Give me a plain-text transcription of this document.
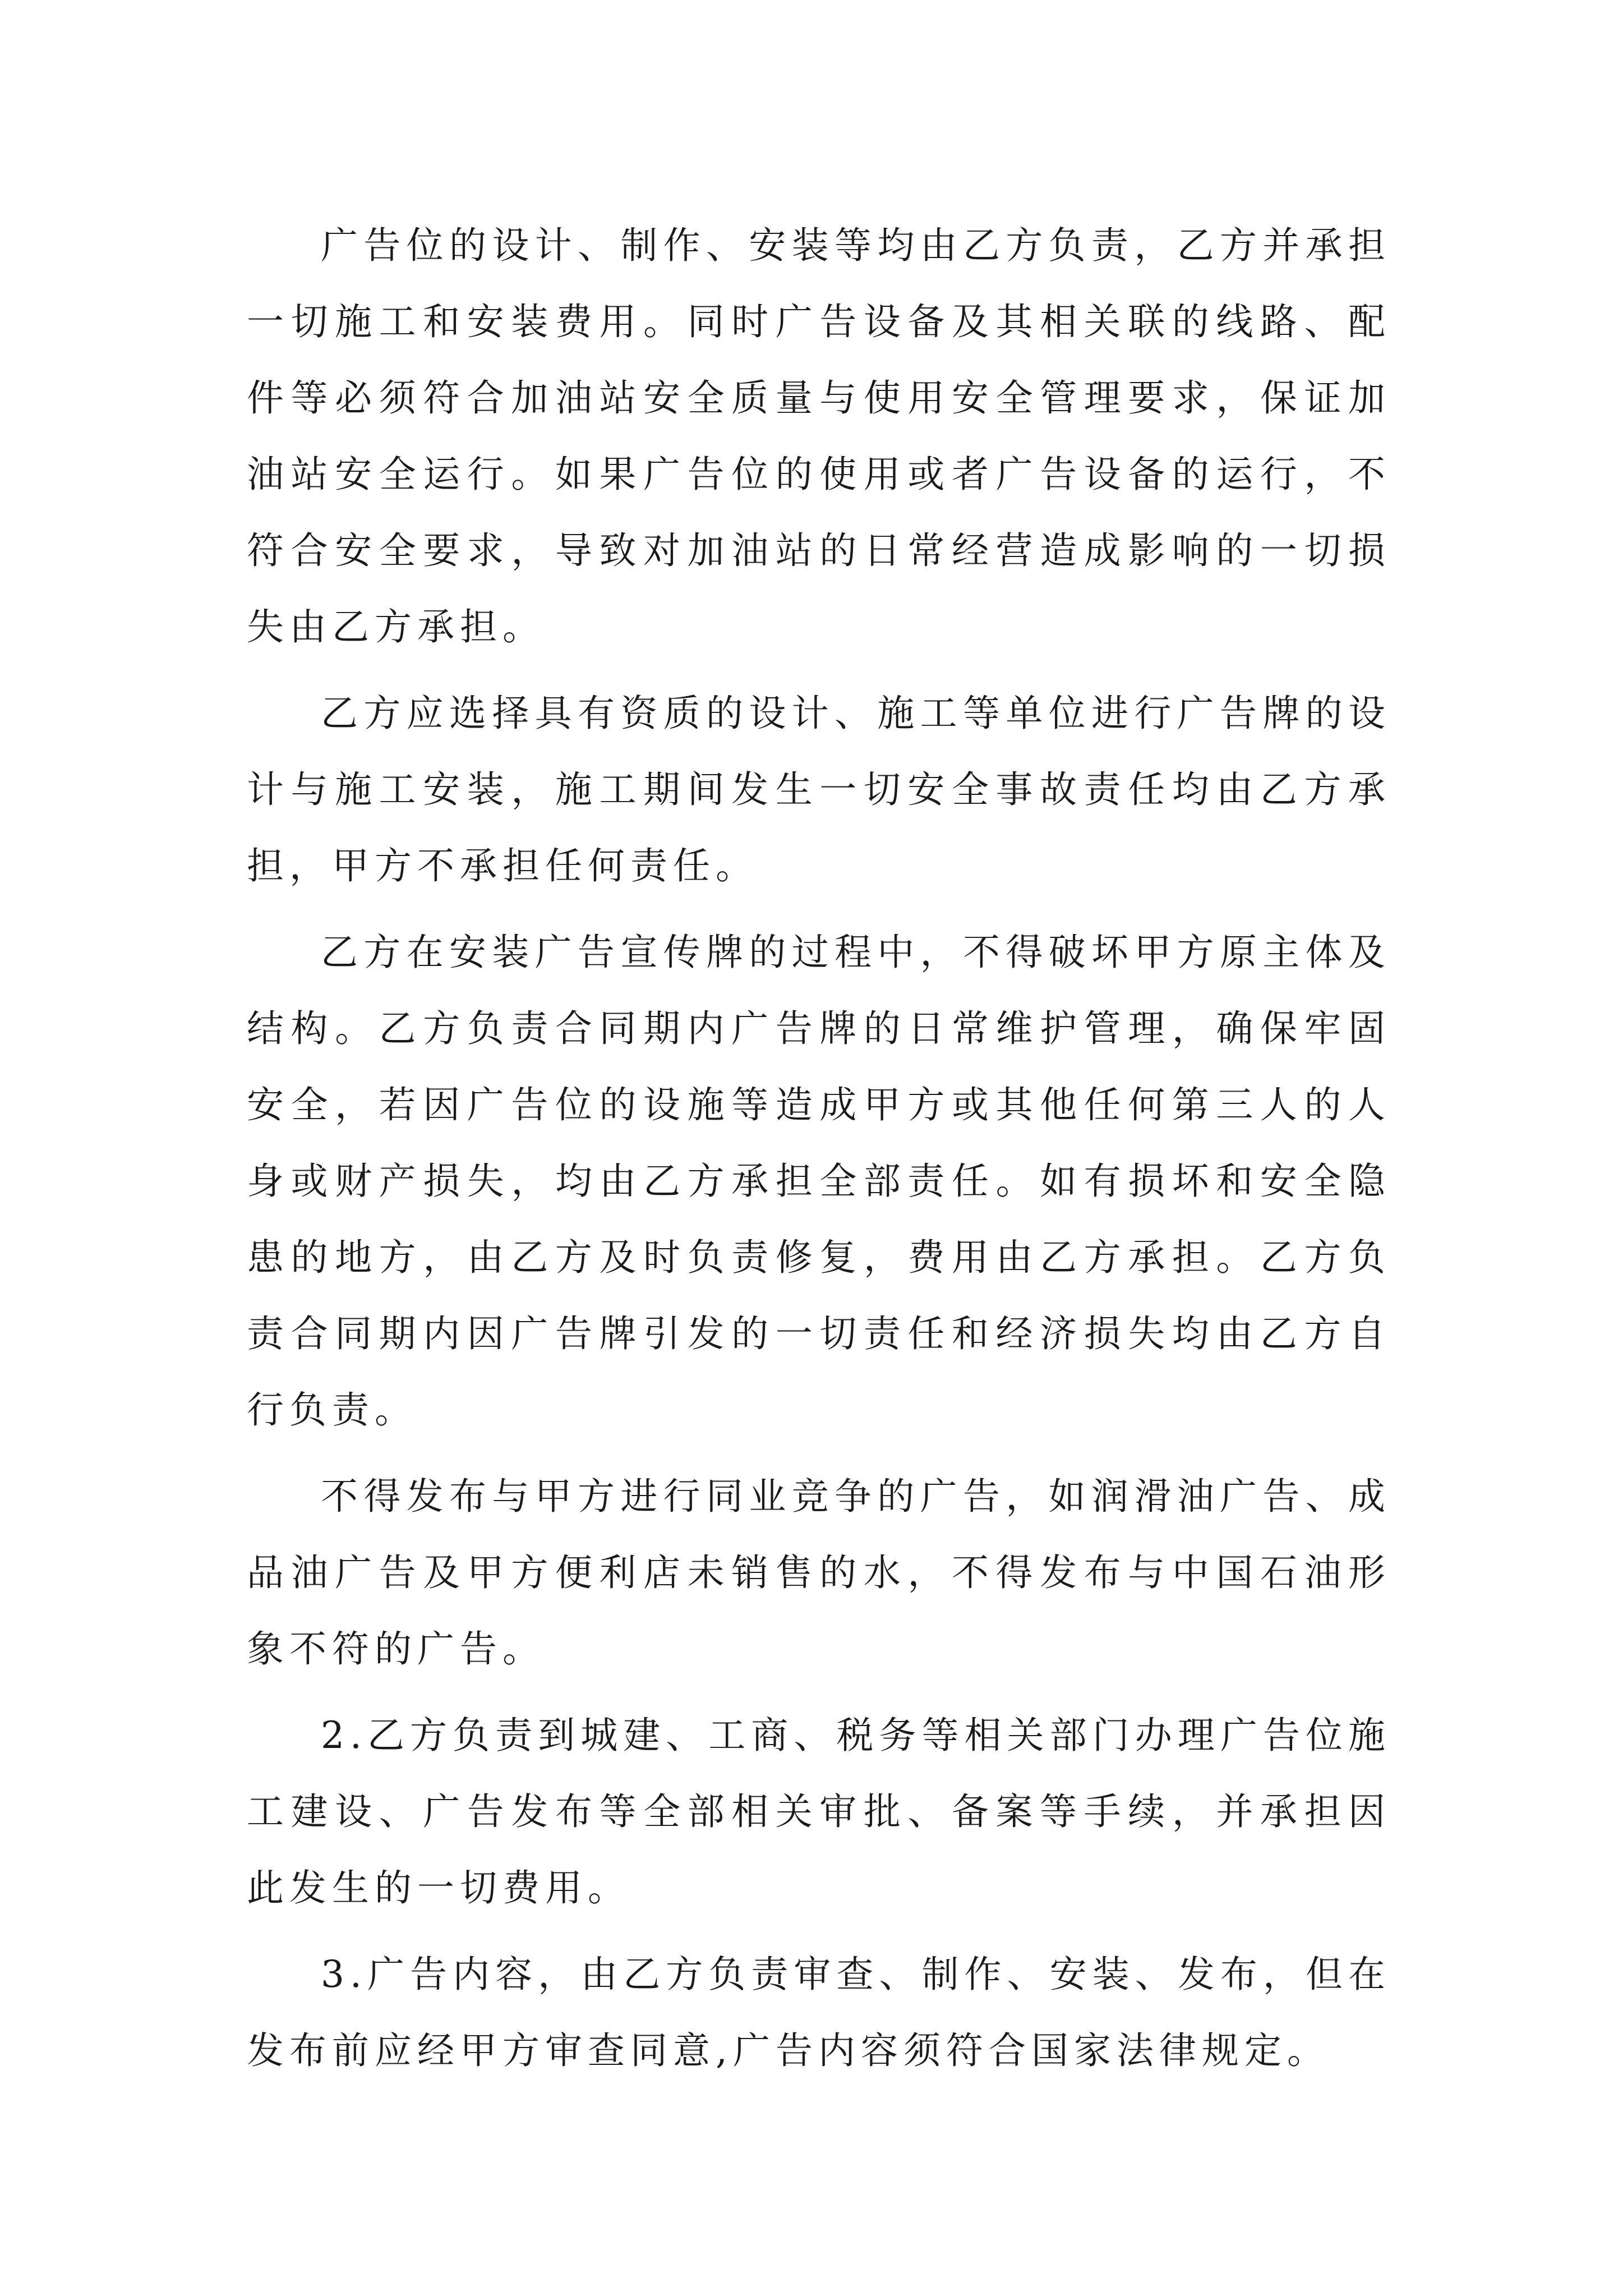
广告位的设计、制作、安装等均由乙方负责，乙方并承担一切施工和安装费用。同时广告设备及其相关联的线路、配件等必须符合加油站安全质量与使用安全管理要求，保证加油站安全运行。如果广告位的使用或者广告设备的运行，不符合安全要求，导致对加油站的日常经营造成影响的一切损失由乙方承担。

乙方应选择具有资质的设计、施工等单位进行广告牌的设计与施工安装，施工期间发生一切安全事故责任均由乙方承担，甲方不承担任何责任。

乙方在安装广告宣传牌的过程中，不得破坏甲方原主体及结构。乙方负责合同期内广告牌的日常维护管理，确保牢固安全，若因广告位的设施等造成甲方或其他任何第三人的人身或财产损失，均由乙方承担全部责任。如有损坏和安全隐患的地方，由乙方及时负责修复，费用由乙方承担。乙方负责合同期内因广告牌引发的一切责任和经济损失均由乙方自行负责。

不得发布与甲方进行同业竞争的广告，如润滑油广告、成品油广告及甲方便利店未销售的水，不得发布与中国石油形象不符的广告。

2.乙方负责到城建、工商、税务等相关部门办理广告位施工建设、广告发布等全部相关审批、备案等手续，并承担因此发生的一切费用。

3.广告内容，由乙方负责审查、制作、安装、发布，但在发布前应经甲方审查同意,广告内容须符合国家法律规定。
